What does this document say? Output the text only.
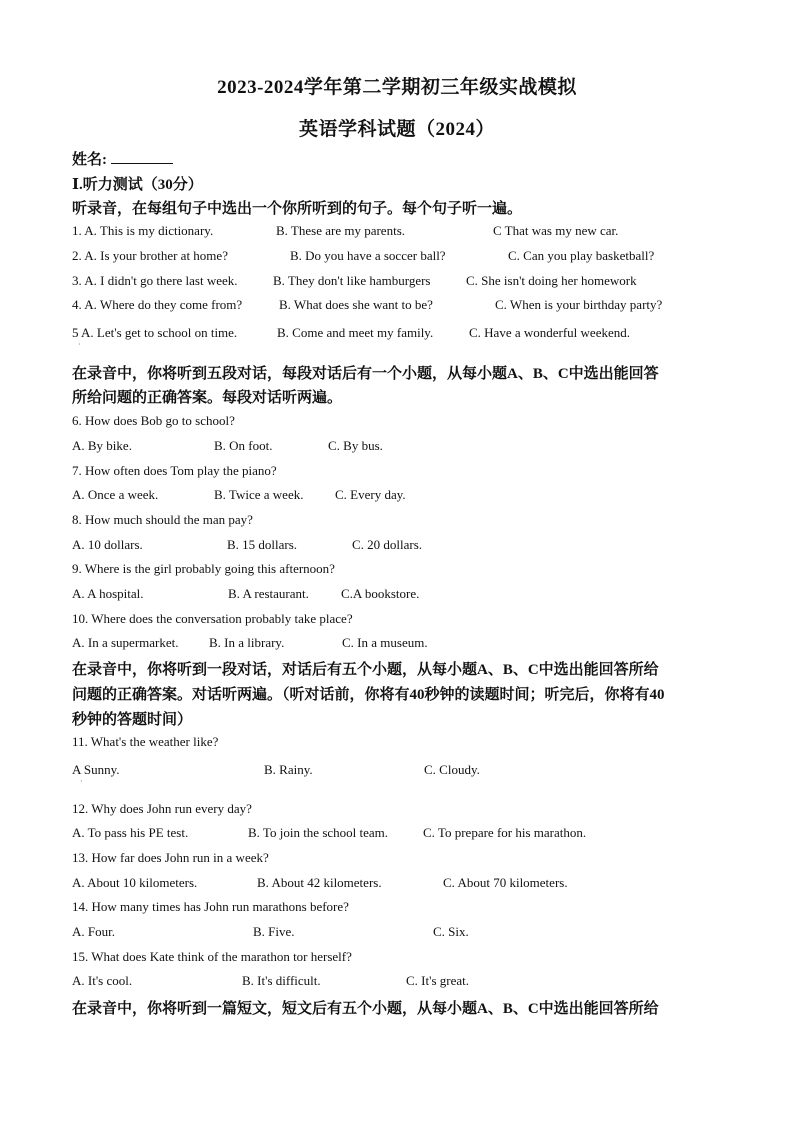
2023-2024学年第二学期初三年级实战模拟
英语学科试题（2024）
姓名:
Ⅰ.听力测试（30分）
听录音，在每组句子中选出一个你所听到的句子。每个句子听一遍。
1. A. This is my dictionary.	B. These are my parents.	C That was my new car.
2. A. Is your brother at home?	B. Do you have a soccer ball?	C. Can you play basketball?
3. A. I didn't go there last week.	B. They don't like hamburgers	C. She isn't doing her homework
4. A. Where do they come from?	B. What does she want to be?	C. When is your birthday party?
5 A. Let's get to school on time.	B. Come and meet my family.	C. Have a wonderful weekend.
·
在录音中，你将听到五段对话，每段对话后有一个小题，从每小题A、B、C中选出能回答
所给问题的正确答案。每段对话听两遍。
6. How does Bob go to school?
A. By bike.	B. On foot.	C. By bus.
7. How often does Tom play the piano?
A. Once a week.	B. Twice a week. C. Every day.
8. How much should the man pay?
A. 10 dollars.	B. 15 dollars.	C. 20 dollars.
9. Where is the girl probably going this afternoon?
A. A hospital.	B. A restaurant. C.A bookstore.
10. Where does the conversation probably take place?
A. In a supermarket. B. In a library.	C. In a museum.
在录音中，你将听到一段对话，对话后有五个小题，从每小题A、B、C中选出能回答所给
问题的正确答案。对话听两遍。（听对话前，你将有40秒钟的读题时间；听完后，你将有40
秒钟的答题时间）
11. What's the weather like?
A Sunny.	B. Rainy.	C. Cloudy.
·
12. Why does John run every day?
A. To pass his PE test.	B. To join the school team.	C. To prepare for his marathon.
13. How far does John run in a week?
A. About 10 kilometers.	B. About 42 kilometers.	C. About 70 kilometers.
14. How many times has John run marathons before?
A. Four.	B. Five.	C. Six.
15. What does Kate think of the marathon tor herself?
A. It's cool.	B. It's difficult.	C. It's great.
在录音中，你将听到一篇短文，短文后有五个小题，从每小题A、B、C中选出能回答所给
